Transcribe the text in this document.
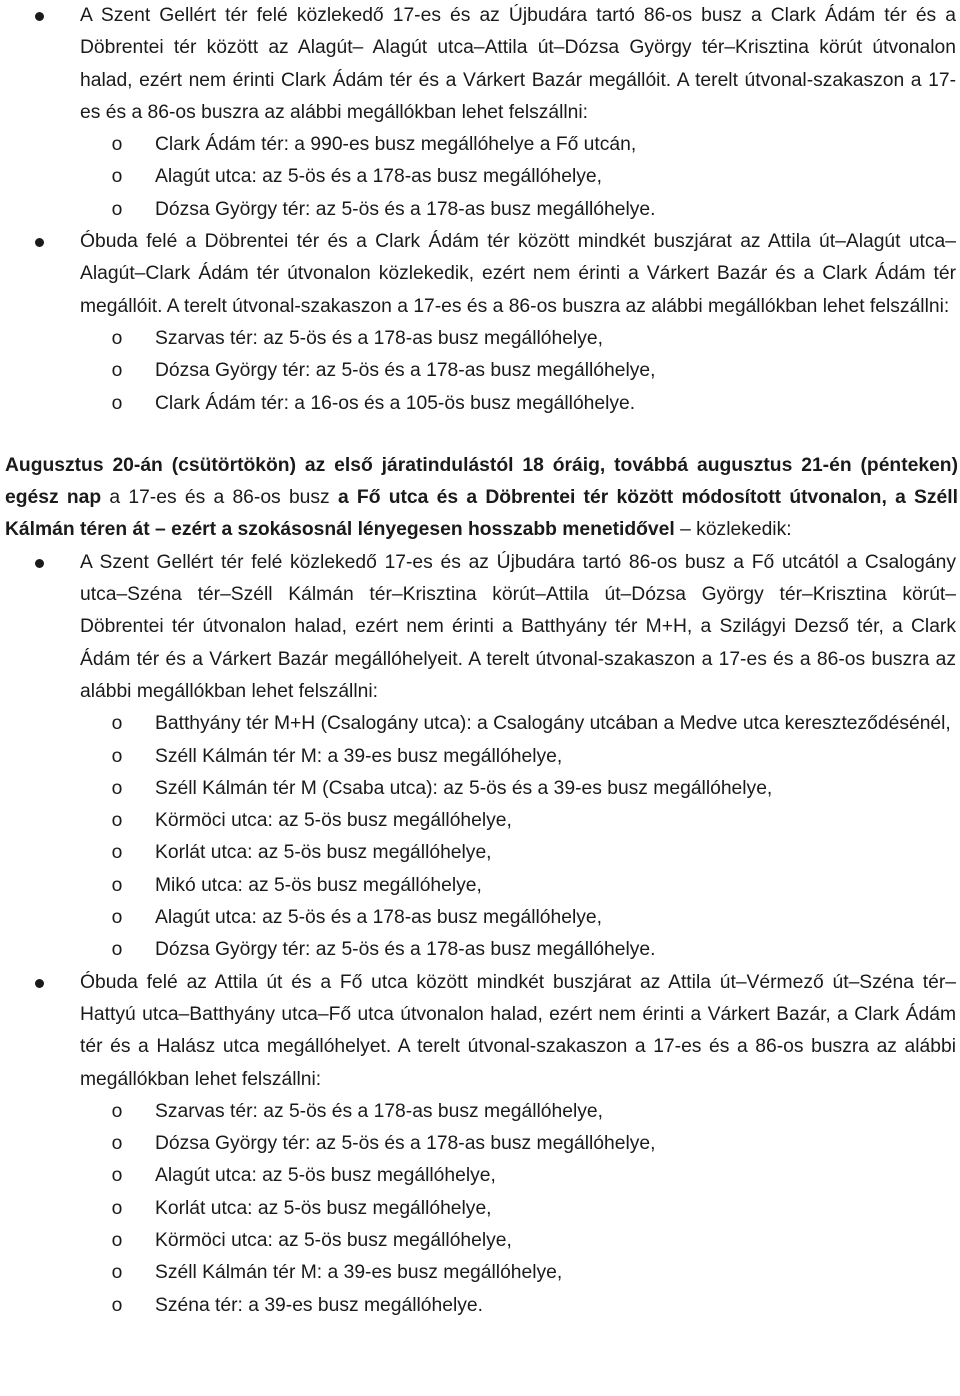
A Szent Gellért tér felé közlekedő 17-es és az Újbudára tartó 86-os busz a Clark Ádám tér és a Döbrentei tér között az Alagút– Alagút utca–Attila út–Dózsa György tér–Krisztina körút útvonalon halad, ezért nem érinti Clark Ádám tér és a Várkert Bazár megállóit. A terelt útvonal-szakaszon a 17-es és a 86-os buszra az alábbi megállókban lehet felszállni:
o Clark Ádám tér: a 990-es busz megállóhelye a Fő utcán,
o Alagút utca: az 5-ös és a 178-as busz megállóhelye,
o Dózsa György tér: az 5-ös és a 178-as busz megállóhelye.
Óbuda felé a Döbrentei tér és a Clark Ádám tér között mindkét buszjárat az Attila út–Alagút utca–Alagút–Clark Ádám tér útvonalon közlekedik, ezért nem érinti a Várkert Bazár és a Clark Ádám tér megállóit. A terelt útvonal-szakaszon a 17-es és a 86-os buszra az alábbi megállókban lehet felszállni:
o Szarvas tér: az 5-ös és a 178-as busz megállóhelye,
o Dózsa György tér: az 5-ös és a 178-as busz megállóhelye,
o Clark Ádám tér: a 16-os és a 105-ös busz megállóhelye.

Augusztus 20-án (csütörtökön) az első járatindulástól 18 óráig, továbbá augusztus 21-én (pénteken) egész nap a 17-es és a 86-os busz a Fő utca és a Döbrentei tér között módosított útvonalon, a Széll Kálmán téren át – ezért a szokásosnál lényegesen hosszabb menetidővel – közlekedik:

A Szent Gellért tér felé közlekedő 17-es és az Újbudára tartó 86-os busz a Fő utcától a Csalogány utca–Széna tér–Széll Kálmán tér–Krisztina körút–Attila út–Dózsa György tér–Krisztina körút–Döbrentei tér útvonalon halad, ezért nem érinti a Batthyány tér M+H, a Szilágyi Dezső tér, a Clark Ádám tér és a Várkert Bazár megállóhelyeit. A terelt útvonal-szakaszon a 17-es és a 86-os buszra az alábbi megállókban lehet felszállni:
o Batthyány tér M+H (Csalogány utca): a Csalogány utcában a Medve utca kereszteződésénél,
o Széll Kálmán tér M: a 39-es busz megállóhelye,
o Széll Kálmán tér M (Csaba utca): az 5-ös és a 39-es busz megállóhelye,
o Körmöci utca: az 5-ös busz megállóhelye,
o Korlát utca: az 5-ös busz megállóhelye,
o Mikó utca: az 5-ös busz megállóhelye,
o Alagút utca: az 5-ös és a 178-as busz megállóhelye,
o Dózsa György tér: az 5-ös és a 178-as busz megállóhelye.
Óbuda felé az Attila út és a Fő utca között mindkét buszjárat az Attila út–Vérmező út–Széna tér–Hattyú utca–Batthyány utca–Fő utca útvonalon halad, ezért nem érinti a Várkert Bazár, a Clark Ádám tér és a Halász utca megállóhelyet. A terelt útvonal-szakaszon a 17-es és a 86-os buszra az alábbi megállókban lehet felszállni:
o Szarvas tér: az 5-ös és a 178-as busz megállóhelye,
o Dózsa György tér: az 5-ös és a 178-as busz megállóhelye,
o Alagút utca: az 5-ös busz megállóhelye,
o Korlát utca: az 5-ös busz megállóhelye,
o Körmöci utca: az 5-ös busz megállóhelye,
o Széll Kálmán tér M: a 39-es busz megállóhelye,
o Széna tér: a 39-es busz megállóhelye.
